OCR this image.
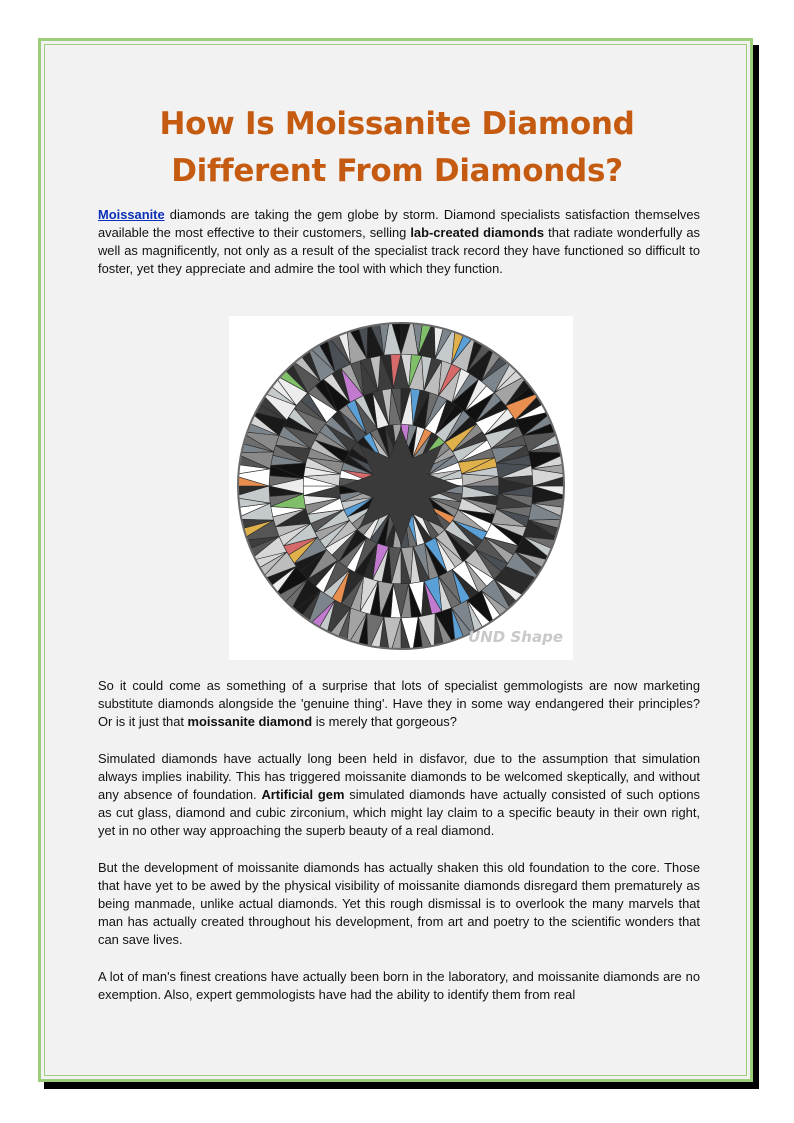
How Is Moissanite Diamond Different From Diamonds?

Moissanite diamonds are taking the gem globe by storm. Diamond specialists satisfaction themselves available the most effective to their customers, selling lab-created diamonds that radiate wonderfully as well as magnificently, not only as a result of the specialist track record they have functioned so difficult to foster, yet they appreciate and admire the tool with which they function.

UND Shape

So it could come as something of a surprise that lots of specialist gemmologists are now marketing substitute diamonds alongside the 'genuine thing'. Have they in some way endangered their principles? Or is it just that moissanite diamond is merely that gorgeous?

Simulated diamonds have actually long been held in disfavor, due to the assumption that simulation always implies inability. This has triggered moissanite diamonds to be welcomed skeptically, and without any absence of foundation. Artificial gem simulated diamonds have actually consisted of such options as cut glass, diamond and cubic zirconium, which might lay claim to a specific beauty in their own right, yet in no other way approaching the superb beauty of a real diamond.

But the development of moissanite diamonds has actually shaken this old foundation to the core. Those that have yet to be awed by the physical visibility of moissanite diamonds disregard them prematurely as being manmade, unlike actual diamonds. Yet this rough dismissal is to overlook the many marvels that man has actually created throughout his development, from art and poetry to the scientific wonders that can save lives.

A lot of man's finest creations have actually been born in the laboratory, and moissanite diamonds are no exemption. Also, expert gemmologists have had the ability to identify them from real
